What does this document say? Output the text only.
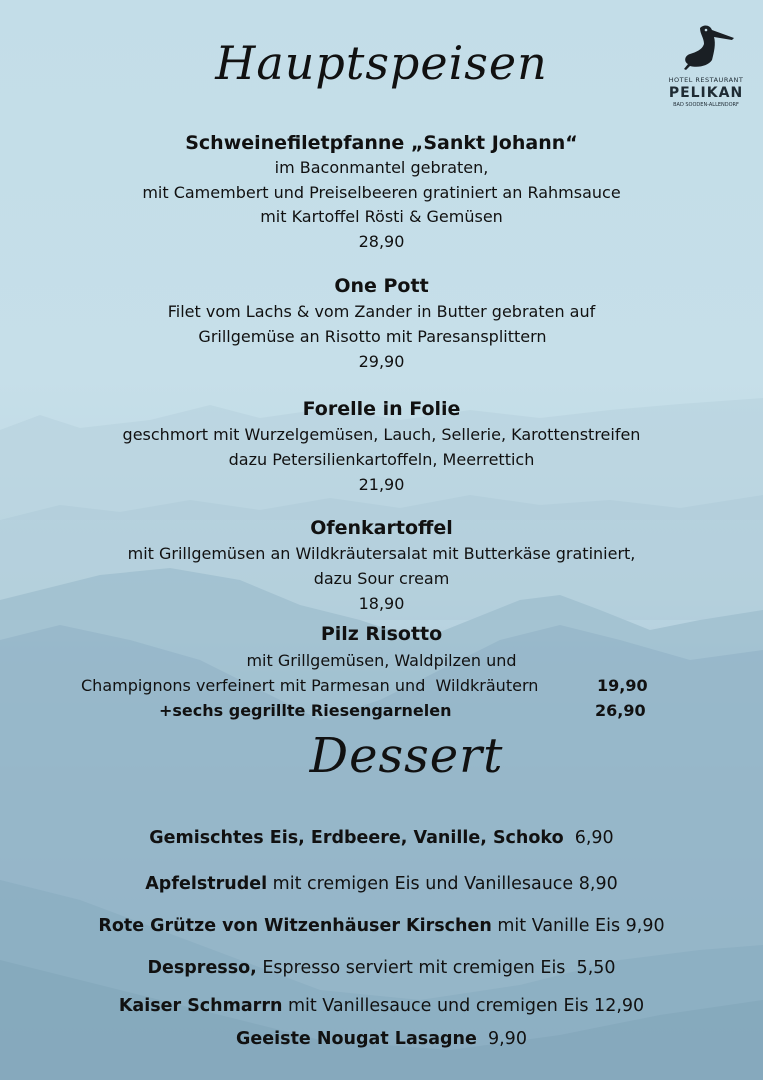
HOTEL RESTAURANT
PELIKAN
BAD SOODEN-ALLENDORF
Hauptspeisen
Schweinefiletpfanne „Sankt Johann“
im Baconmantel gebraten,
mit Camembert und Preiselbeeren gratiniert an Rahmsauce
mit Kartoffel Rösti & Gemüsen
28,90
One Pott
Filet vom Lachs & vom Zander in Butter gebraten auf
Grillgemüse an Risotto mit Paresansplittern
29,90
Forelle in Folie
geschmort mit Wurzelgemüsen, Lauch, Sellerie, Karottenstreifen
dazu Petersilienkartoffeln, Meerrettich
21,90
Ofenkartoffel
mit Grillgemüsen an Wildkräutersalat mit Butterkäse gratiniert,
dazu Sour cream
18,90
Pilz Risotto
mit Grillgemüsen, Waldpilzen und
Champignons verfeinert mit Parmesan und  Wildkräutern	19,90
+sechs gegrillte Riesengarnelen	26,90
Dessert
Gemischtes Eis, Erdbeere, Vanille, Schoko  6,90
Apfelstrudel mit cremigen Eis und Vanillesauce 8,90
Rote Grütze von Witzenhäuser Kirschen mit Vanille Eis 9,90
Despresso, Espresso serviert mit cremigen Eis  5,50
Kaiser Schmarrn mit Vanillesauce und cremigen Eis 12,90
Geeiste Nougat Lasagne  9,90
